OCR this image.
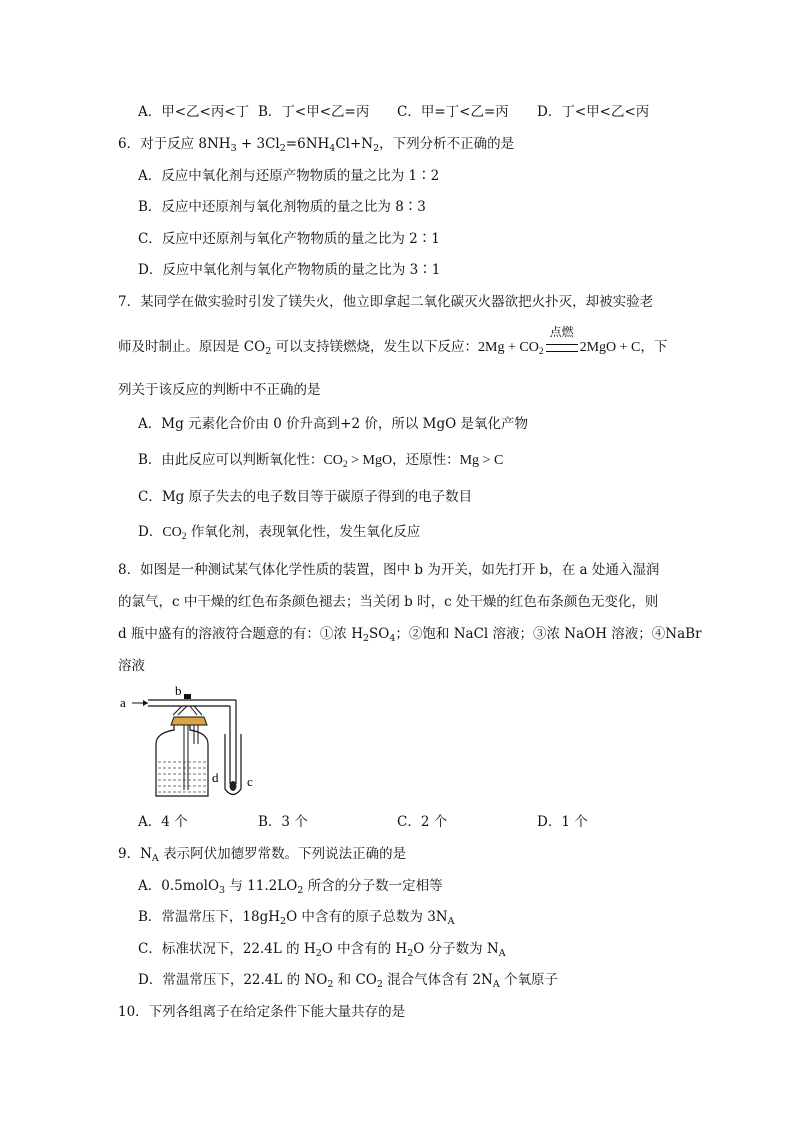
A．甲<乙<丙<丁 B．丁<甲<乙=丙 C．甲=丁<乙=丙 D．丁<甲<乙<丙
6．对于反应 $8NH_3 + 3Cl_2=6NH_4Cl+N_2$，下列分析不正确的是
A．反应中氧化剂与还原产物物质的量之比为 1∶2
B．反应中还原剂与氧化剂物质的量之比为 8∶3
C．反应中还原剂与氧化产物物质的量之比为 2∶1
D．反应中氧化剂与氧化产物物质的量之比为 3∶1
7．某同学在做实验时引发了镁失火，他立即拿起二氧化碳灭火器欲把火扑灭，却被实验老
师及时制止。原因是 $CO_2$ 可以支持镁燃烧，发生以下反应：$2Mg + CO_2$
点燃
2MgO + C，下
列关于该反应的判断中不正确的是
A．Mg 元素化合价由 0 价升高到+2 价，所以 MgO 是氧化产物
B．由此反应可以判断氧化性：$CO_2$ > MgO，还原性：Mg > C
C．Mg 原子失去的电子数目等于碳原子得到的电子数目
D．$CO_2$ 作氧化剂，表现氧化性，发生氧化反应
8．如图是一种测试某气体化学性质的装置，图中 b 为开关，如先打开 b，在 a 处通入湿润
的氯气，c 中干燥的红色布条颜色褪去；当关闭 b 时，c 处干燥的红色布条颜色无变化，则
d 瓶中盛有的溶液符合题意的有：①浓 $H_2SO_4$；②饱和 NaCl 溶液；③浓 NaOH 溶液；④NaBr
溶液
a
b
d c
A．4 个	B．3 个	C．2 个	D．1 个
9．$N_A$ 表示阿伏加德罗常数。下列说法正确的是
A．0.5molO$_3$ 与 $11.2LO_2$ 所含的分子数一定相等
B．常温常压下，$18gH_2O$ 中含有的原子总数为 $3N_A$
C．标准状况下，22.4L 的 $H_2O$ 中含有的 $H_2O$ 分子数为 $N_A$
D．常温常压下，22.4L 的 $NO_2$ 和 $CO_2$ 混合气体含有 $2N_A$ 个氧原子
10．下列各组离子在给定条件下能大量共存的是
